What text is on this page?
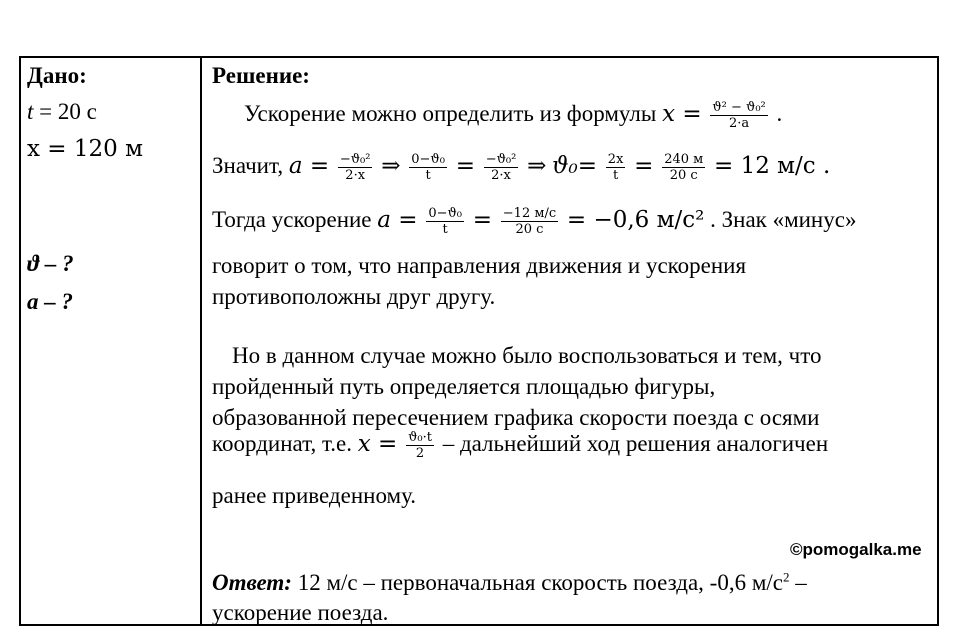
Дано:
t = 20 с
x = 120 м
ϑ – ?
a – ?
Решение:
Ускорение можно определить из формулы $x = \frac{\text{ϑ² − ϑ₀²}}{2\cdot a}$ .
Значит, $a = \frac{\text{−ϑ₀²}}{2\cdot x}$ ⇒ $\frac{\text{0−ϑ₀}}{t} = \frac{\text{−ϑ₀²}}{2\cdot x}$ ⇒ $ϑ_0= \frac{2x}{t} = \frac{240 м}{20 с} = 12$ м/с .
Тогда ускорение $a = \frac{\text{0−ϑ₀}}{t} = \frac{-12 м/с}{20 с} = -0,6$ м/с² . Знак «минус»
говорит о том, что направления движения и ускорения
противоположны друг другу.
Но в данном случае можно было воспользоваться и тем, что
пройденный путь определяется площадью фигуры,
образованной пересечением графика скорости поезда с осями
координат, т.е. $x = \frac{\text{ϑ₀·t}}{2}$ – дальнейший ход решения аналогичен
ранее приведенному.
©pomogalka.me
Ответ: 12 м/с – первоначальная скорость поезда, -0,6 $м/с^2$ –
ускорение поезда.
